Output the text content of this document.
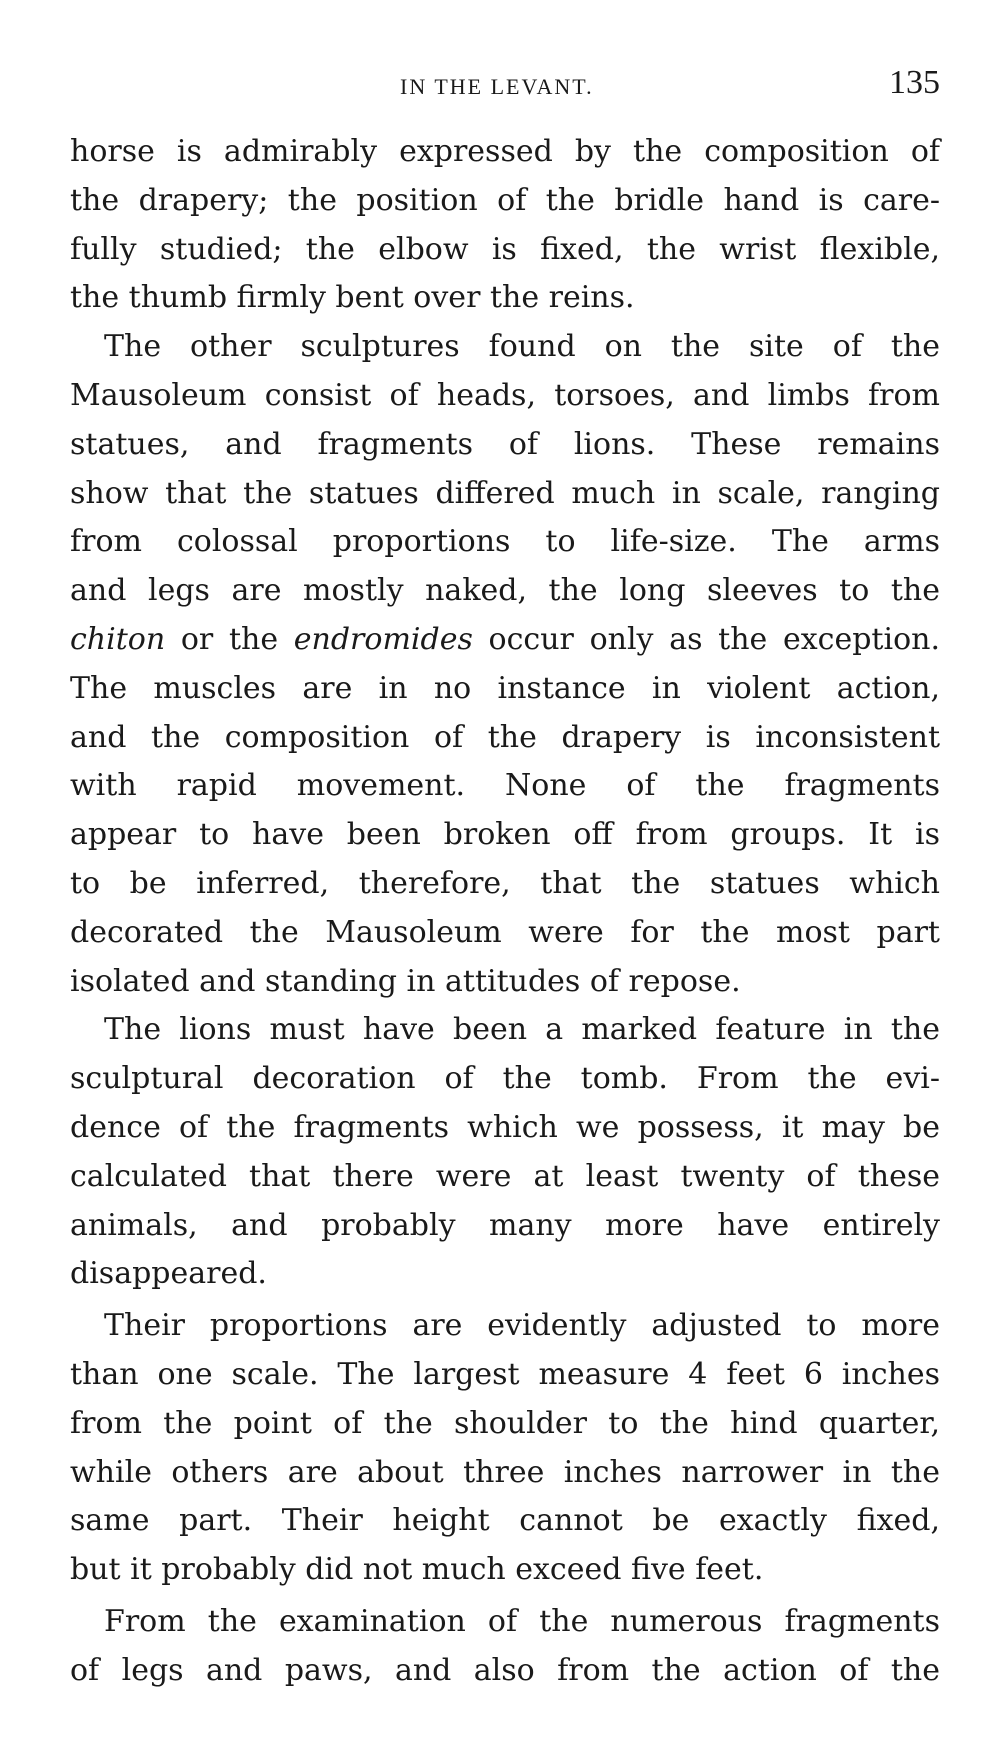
IN THE LEVANT.	135
horse is admirably expressed by the composition of
the drapery; the position of the bridle hand is care-
fully studied; the elbow is fixed, the wrist flexible,
the thumb firmly bent over the reins.
The other sculptures found on the site of the
Mausoleum consist of heads, torsoes, and limbs from
statues, and fragments of lions. These remains
show that the statues differed much in scale, ranging
from colossal proportions to life-size. The arms
and legs are mostly naked, the long sleeves to the
chiton or the endromides occur only as the exception.
The muscles are in no instance in violent action,
and the composition of the drapery is inconsistent
with rapid movement. None of the fragments
appear to have been broken off from groups. It is
to be inferred, therefore, that the statues which
decorated the Mausoleum were for the most part
isolated and standing in attitudes of repose.
The lions must have been a marked feature in the
sculptural decoration of the tomb. From the evi-
dence of the fragments which we possess, it may be
calculated that there were at least twenty of these
animals, and probably many more have entirely
disappeared.
Their proportions are evidently adjusted to more
than one scale. The largest measure 4 feet 6 inches
from the point of the shoulder to the hind quarter,
while others are about three inches narrower in the
same part. Their height cannot be exactly fixed,
but it probably did not much exceed five feet.
From the examination of the numerous fragments
of legs and paws, and also from the action of the
